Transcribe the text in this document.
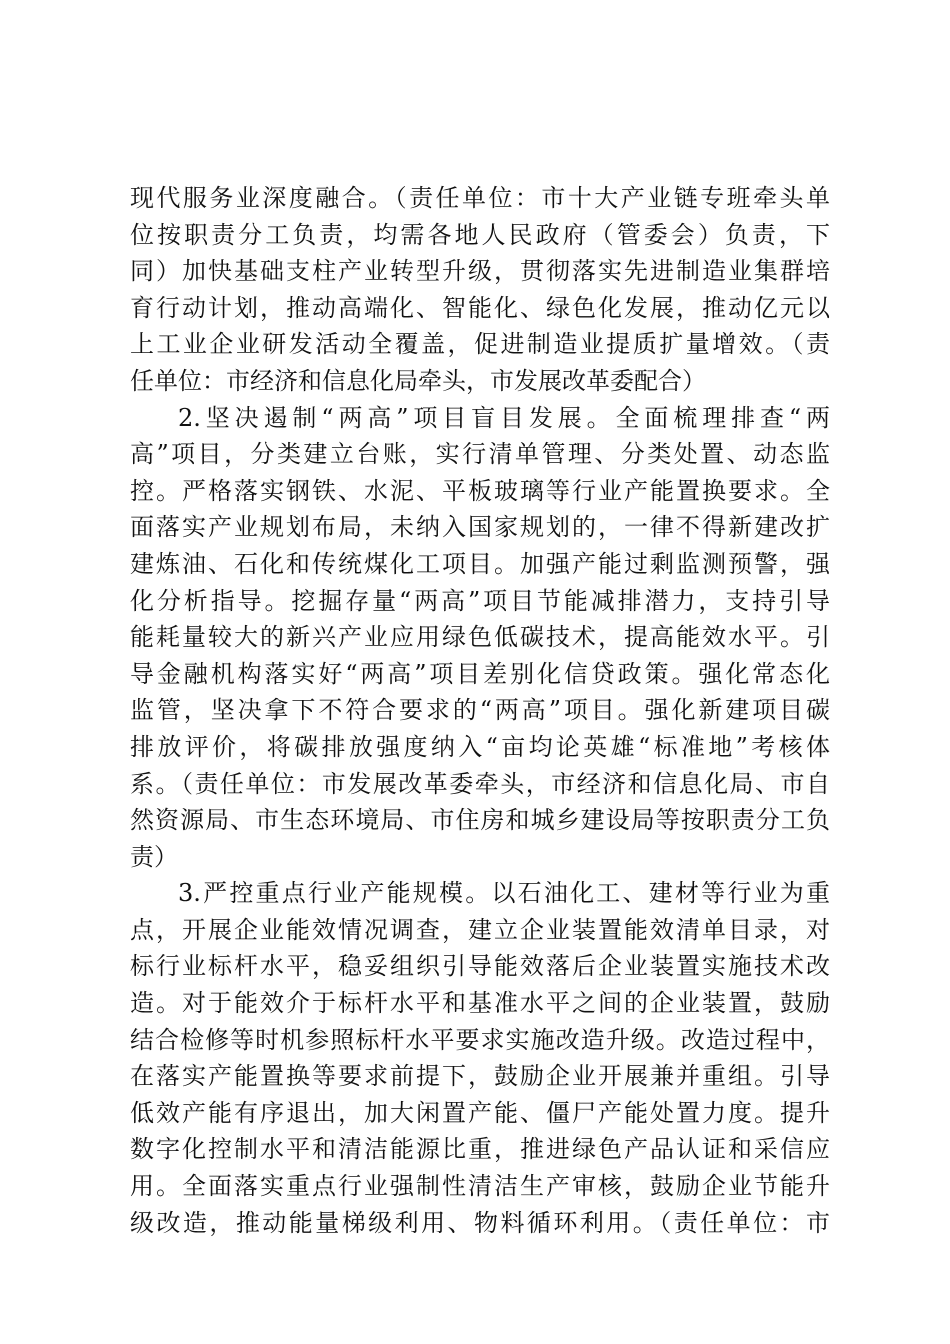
现代服务业深度融合。（责任单位：市十大产业链专班牵头单
位按职责分工负责，均需各地人民政府（管委会）负责，下
同）加快基础支柱产业转型升级，贯彻落实先进制造业集群培
育行动计划，推动高端化、智能化、绿色化发展，推动亿元以
上工业企业研发活动全覆盖，促进制造业提质扩量增效。（责
任单位：市经济和信息化局牵头，市发展改革委配合）
2.坚决遏制“两高”项目盲目发展。全面梳理排查“两
高”项目，分类建立台账，实行清单管理、分类处置、动态监
控。严格落实钢铁、水泥、平板玻璃等行业产能置换要求。全
面落实产业规划布局，未纳入国家规划的，一律不得新建改扩
建炼油、石化和传统煤化工项目。加强产能过剩监测预警，强
化分析指导。挖掘存量“两高”项目节能减排潜力，支持引导
能耗量较大的新兴产业应用绿色低碳技术，提高能效水平。引
导金融机构落实好“两高”项目差别化信贷政策。强化常态化
监管，坚决拿下不符合要求的“两高”项目。强化新建项目碳
排放评价，将碳排放强度纳入“亩均论英雄“标准地”考核体
系。（责任单位：市发展改革委牵头，市经济和信息化局、市自
然资源局、市生态环境局、市住房和城乡建设局等按职责分工负
责）
3.严控重点行业产能规模。以石油化工、建材等行业为重
点，开展企业能效情况调查，建立企业装置能效清单目录，对
标行业标杆水平，稳妥组织引导能效落后企业装置实施技术改
造。对于能效介于标杆水平和基准水平之间的企业装置，鼓励
结合检修等时机参照标杆水平要求实施改造升级。改造过程中，
在落实产能置换等要求前提下，鼓励企业开展兼并重组。引导
低效产能有序退出，加大闲置产能、僵尸产能处置力度。提升
数字化控制水平和清洁能源比重，推进绿色产品认证和采信应
用。全面落实重点行业强制性清洁生产审核，鼓励企业节能升
级改造，推动能量梯级利用、物料循环利用。（责任单位：市
